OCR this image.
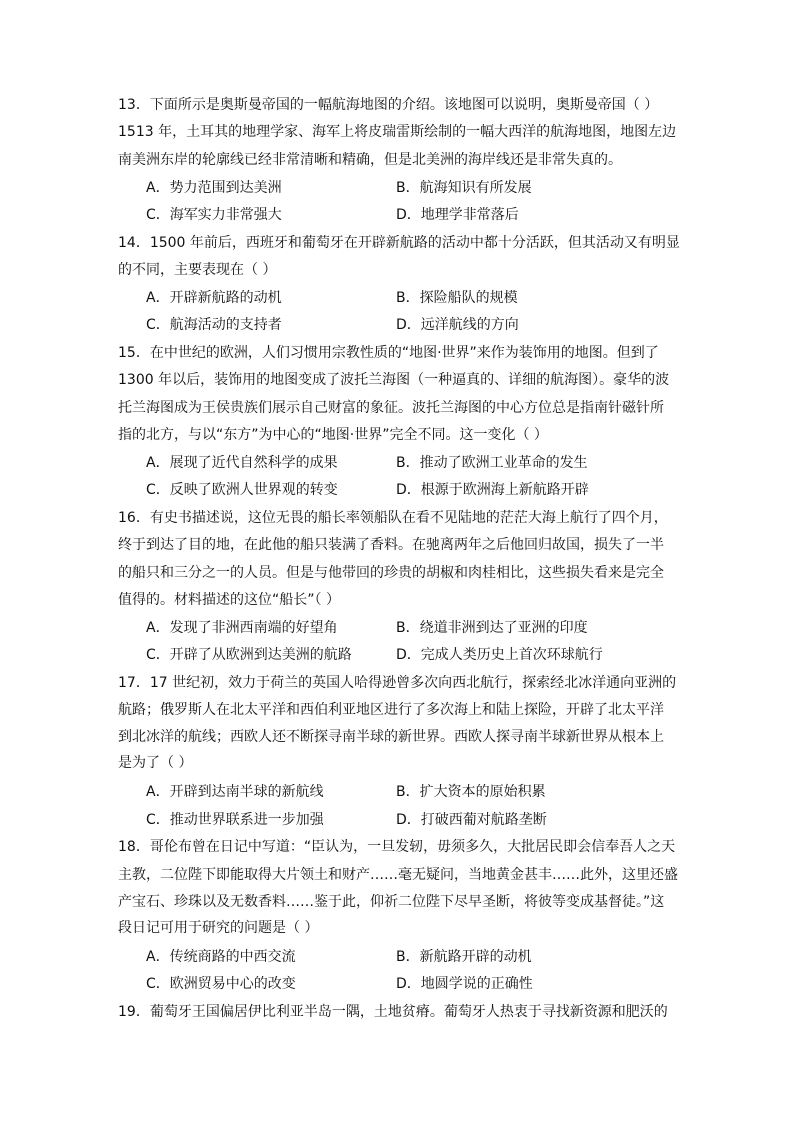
13．下面所示是奥斯曼帝国的一幅航海地图的介绍。该地图可以说明，奥斯曼帝国（ ）
1513 年，土耳其的地理学家、海军上将皮瑞雷斯绘制的一幅大西洋的航海地图，地图左边
南美洲东岸的轮廓线已经非常清晰和精确，但是北美洲的海岸线还是非常失真的。
A．势力范围到达美洲	B．航海知识有所发展
C．海军实力非常强大	D．地理学非常落后
14．1500 年前后，西班牙和葡萄牙在开辟新航路的活动中都十分活跃，但其活动又有明显
的不同，主要表现在（ ）
A．开辟新航路的动机	B．探险船队的规模
C．航海活动的支持者	D．远洋航线的方向
15．在中世纪的欧洲，人们习惯用宗教性质的“地图·世界”来作为装饰用的地图。但到了
1300 年以后，装饰用的地图变成了波托兰海图（一种逼真的、详细的航海图）。豪华的波
托兰海图成为王侯贵族们展示自己财富的象征。波托兰海图的中心方位总是指南针磁针所
指的北方，与以“东方”为中心的“地图·世界”完全不同。这一变化（ ）
A．展现了近代自然科学的成果	B．推动了欧洲工业革命的发生
C．反映了欧洲人世界观的转变	D．根源于欧洲海上新航路开辟
16．有史书描述说，这位无畏的船长率领船队在看不见陆地的茫茫大海上航行了四个月，
终于到达了目的地，在此他的船只装满了香料。在驰离两年之后他回归故国，损失了一半
的船只和三分之一的人员。但是与他带回的珍贵的胡椒和肉桂相比，这些损失看来是完全
值得的。材料描述的这位“船长”（ ）
A．发现了非洲西南端的好望角	B．绕道非洲到达了亚洲的印度
C．开辟了从欧洲到达美洲的航路	D．完成人类历史上首次环球航行
17．17 世纪初，效力于荷兰的英国人哈得逊曾多次向西北航行，探索经北冰洋通向亚洲的
航路；俄罗斯人在北太平洋和西伯利亚地区进行了多次海上和陆上探险，开辟了北太平洋
到北冰洋的航线；西欧人还不断探寻南半球的新世界。西欧人探寻南半球新世界从根本上
是为了（ ）
A．开辟到达南半球的新航线	B．扩大资本的原始积累
C．推动世界联系进一步加强	D．打破西葡对航路垄断
18．哥伦布曾在日记中写道：“臣认为，一旦发轫，毋须多久，大批居民即会信奉吾人之天
主教，二位陛下即能取得大片领土和财产……毫无疑问，当地黄金甚丰……此外，这里还盛
产宝石、珍珠以及无数香料……鉴于此，仰祈二位陛下尽早圣断，将彼等变成基督徒。”这
段日记可用于研究的问题是（ ）
A．传统商路的中西交流	B．新航路开辟的动机
C．欧洲贸易中心的改变	D．地圆学说的正确性
19．葡萄牙王国偏居伊比利亚半岛一隅，土地贫瘠。葡萄牙人热衷于寻找新资源和肥沃的
